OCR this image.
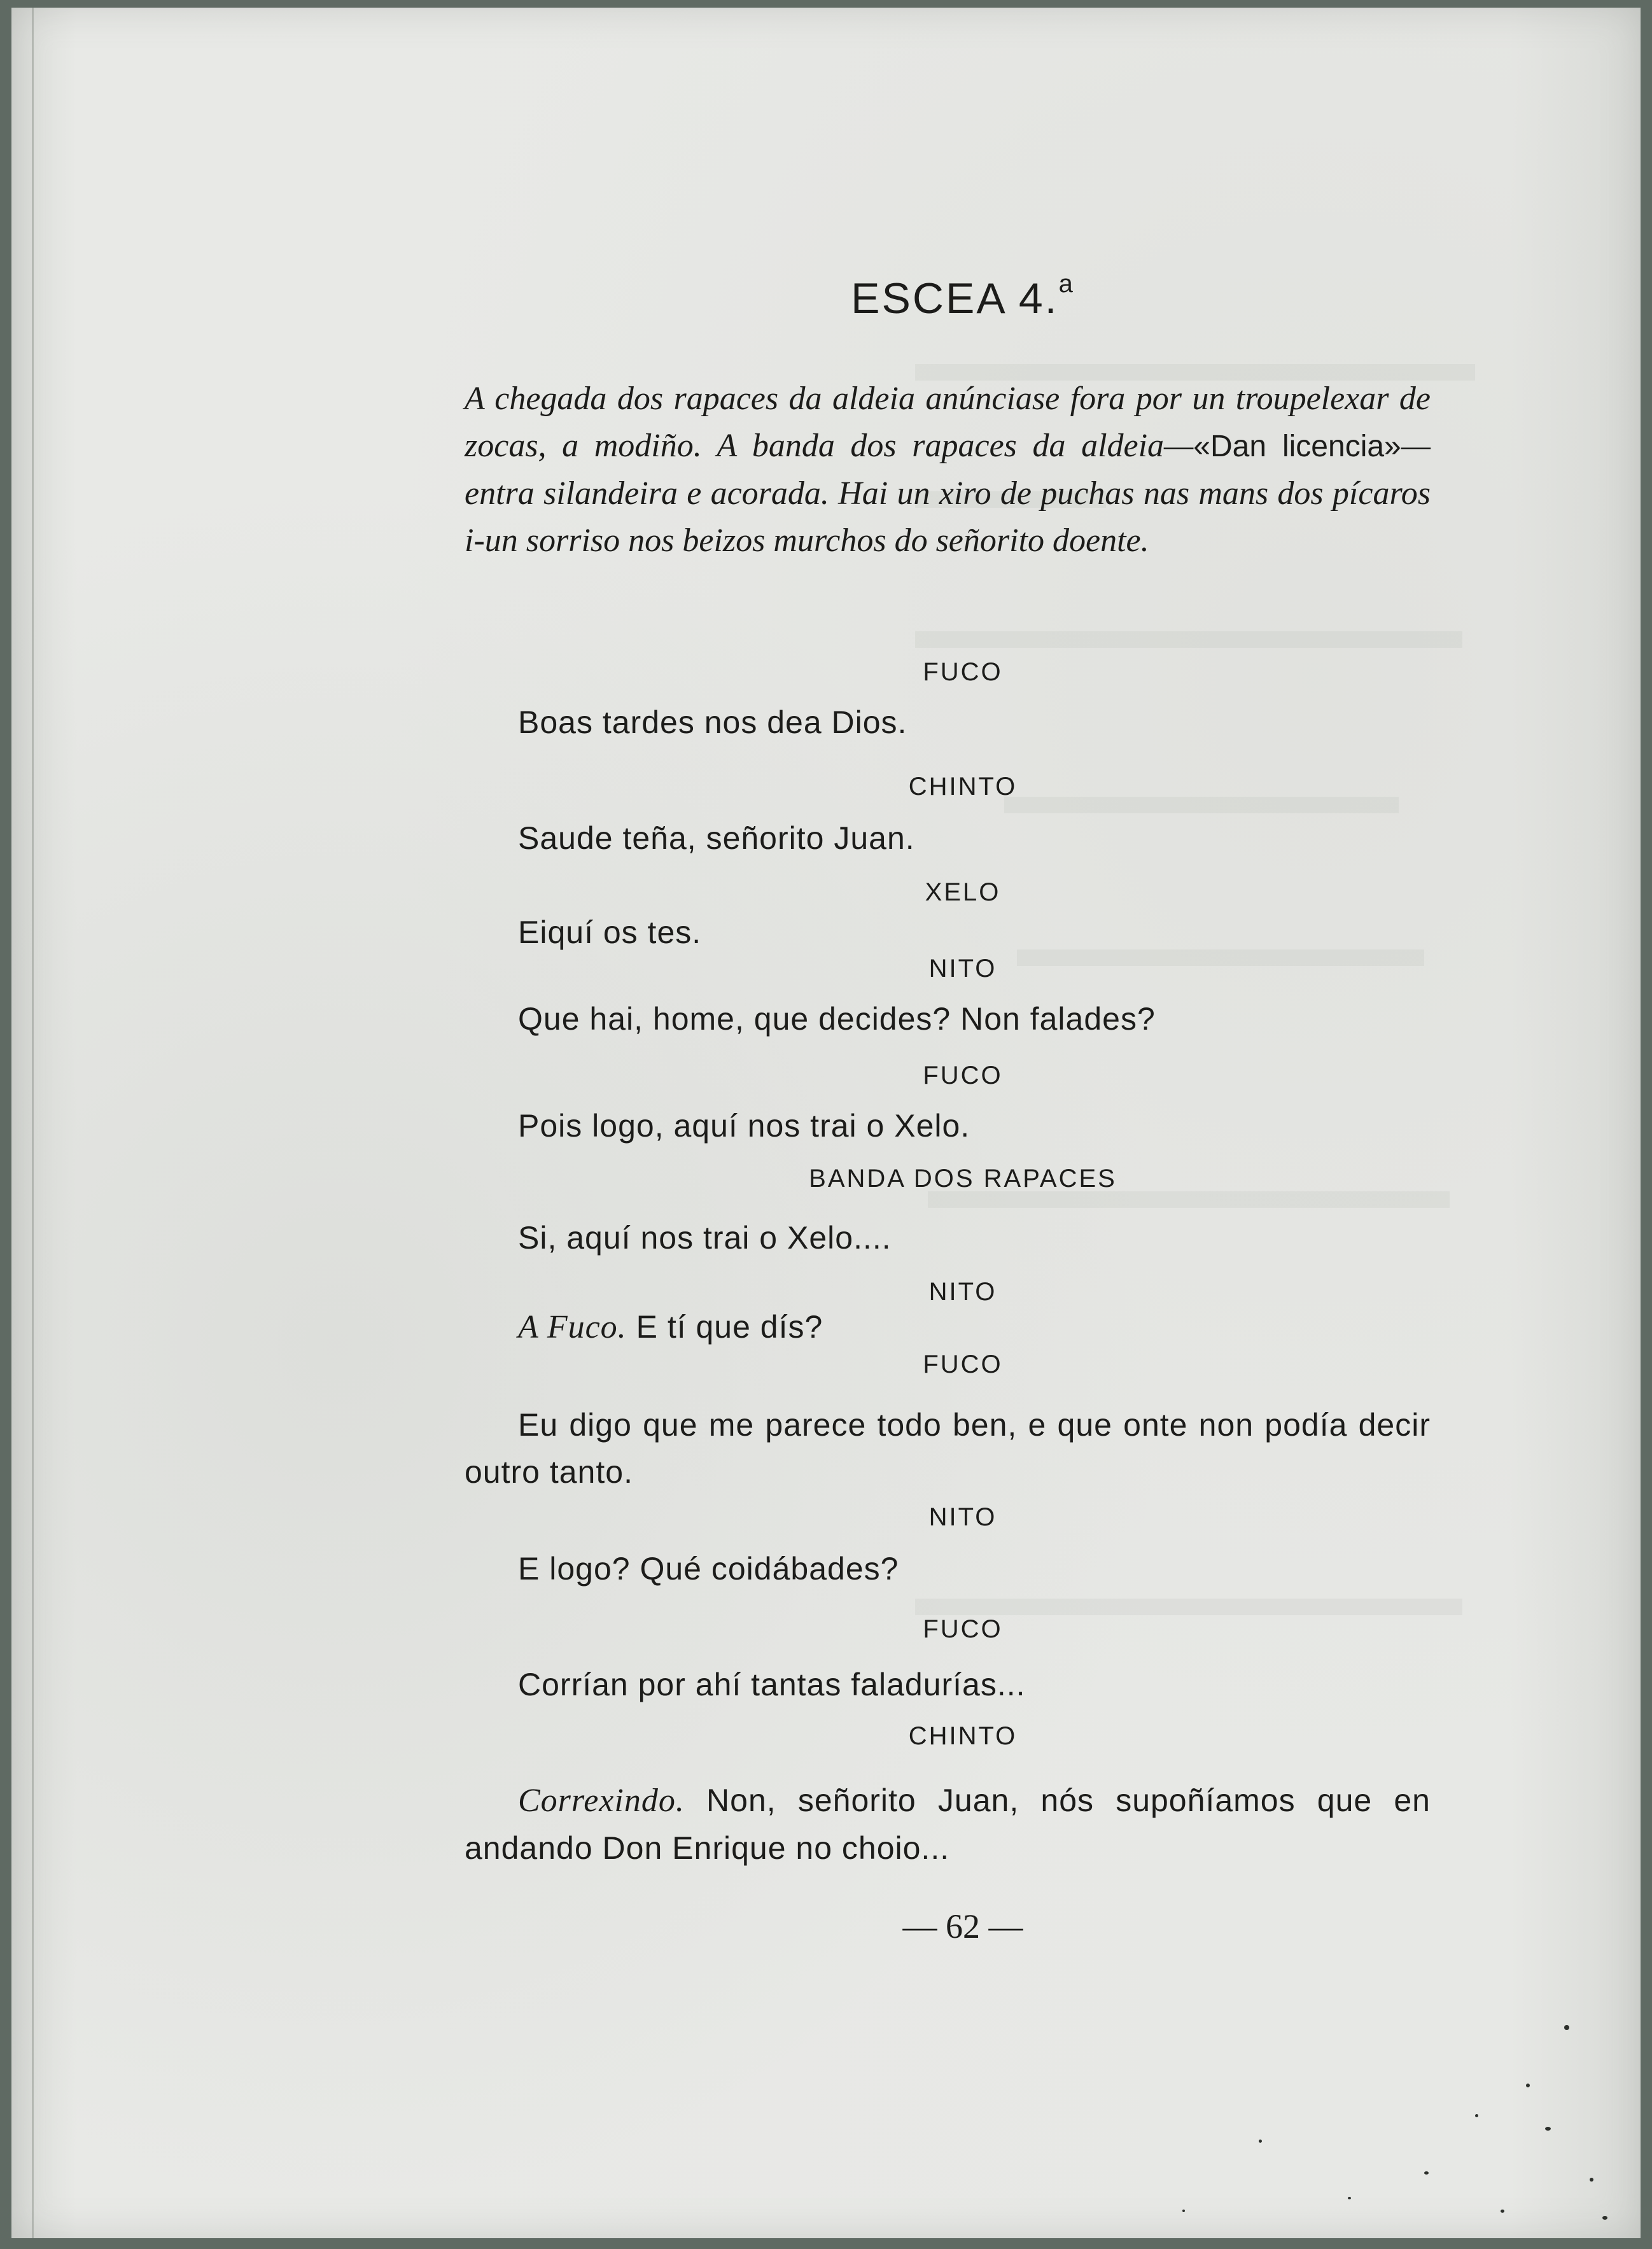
ESCEA 4.$^a$
A chegada dos rapaces da aldeia anúnciase fora por un troupelexar de zocas, a modiño. A banda dos rapaces da aldeia—«Dan licencia»—entra silandeira e acorada. Hai un xiro de puchas nas mans dos pícaros i-un sorriso nos beizos murchos do señorito doente.
FUCO
Boas tardes nos dea Dios.
CHINTO
Saude teña, señorito Juan.
XELO
Eiquí os tes.
NITO
Que hai, home, que decides? Non falades?
FUCO
Pois logo, aquí nos trai o Xelo.
BANDA DOS RAPACES
Si, aquí nos trai o Xelo....
NITO
A Fuco. E tí que dís?
FUCO
Eu digo que me parece todo ben, e que onte non podía decir outro tanto.
NITO
E logo? Qué coidábades?
FUCO
Corrían por ahí tantas faladurías...
CHINTO
Correxindo. Non, señorito Juan, nós supoñíamos que en andando Don Enrique no choio...
— 62 —
